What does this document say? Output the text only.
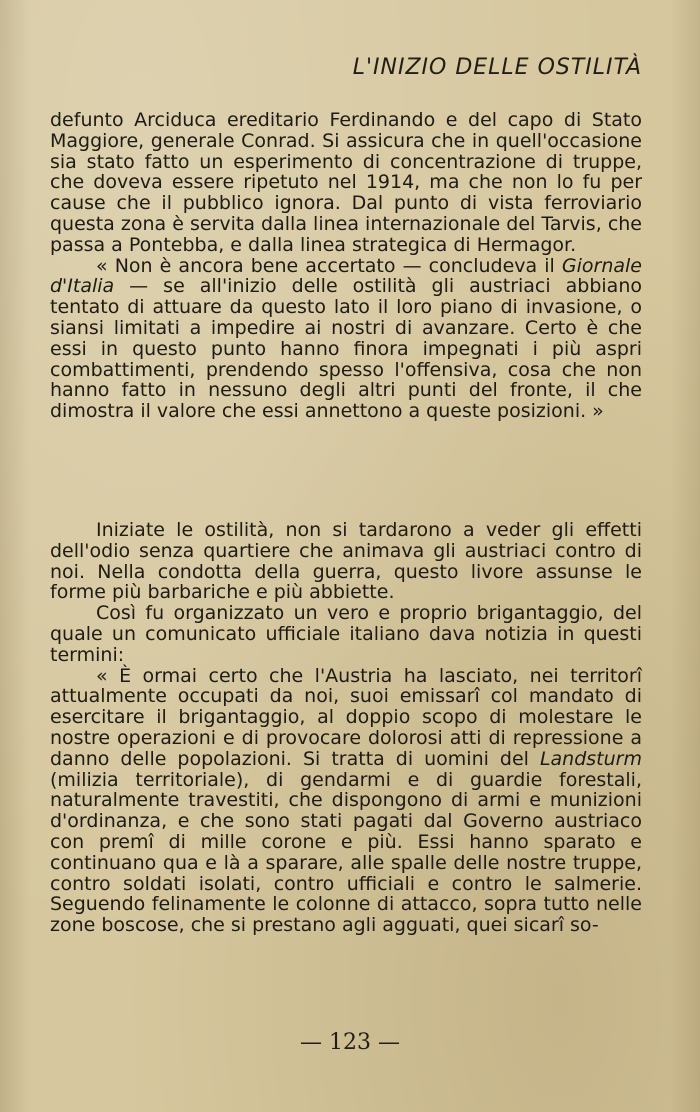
L'INIZIO DELLE OSTILITÀ

defunto Arciduca ereditario Ferdinando e del capo di Stato Maggiore, generale Conrad. Si assicura che in quell'occasione sia stato fatto un esperimento di concentrazione di truppe, che doveva essere ripetuto nel 1914, ma che non lo fu per cause che il pubblico ignora. Dal punto di vista ferroviario questa zona è servita dalla linea internazionale del Tarvis, che passa a Pontebba, e dalla linea strategica di Hermagor.

« Non è ancora bene accertato — concludeva il Giornale d'Italia — se all'inizio delle ostilità gli austriaci abbiano tentato di attuare da questo lato il loro piano di invasione, o siansi limitati a impedire ai nostri di avanzare. Certo è che essi in questo punto hanno finora impegnati i più aspri combattimenti, prendendo spesso l'offensiva, cosa che non hanno fatto in nessuno degli altri punti del fronte, il che dimostra il valore che essi annettono a queste posizioni. »

Iniziate le ostilità, non si tardarono a veder gli effetti dell'odio senza quartiere che animava gli austriaci contro di noi. Nella condotta della guerra, questo livore assunse le forme più barbariche e più abbiette.

Così fu organizzato un vero e proprio brigantaggio, del quale un comunicato ufficiale italiano dava notizia in questi termini:

« È ormai certo che l'Austria ha lasciato, nei territorî attualmente occupati da noi, suoi emissarî col mandato di esercitare il brigantaggio, al doppio scopo di molestare le nostre operazioni e di provocare dolorosi atti di repressione a danno delle popolazioni. Si tratta di uomini del Landsturm (milizia territoriale), di gendarmi e di guardie forestali, naturalmente travestiti, che dispongono di armi e munizioni d'ordinanza, e che sono stati pagati dal Governo austriaco con premî di mille corone e più. Essi hanno sparato e continuano qua e là a sparare, alle spalle delle nostre truppe, contro soldati isolati, contro ufficiali e contro le salmerie. Seguendo felinamente le colonne di attacco, sopra tutto nelle zone boscose, che si prestano agli agguati, quei sicarî so-

— 123 —
